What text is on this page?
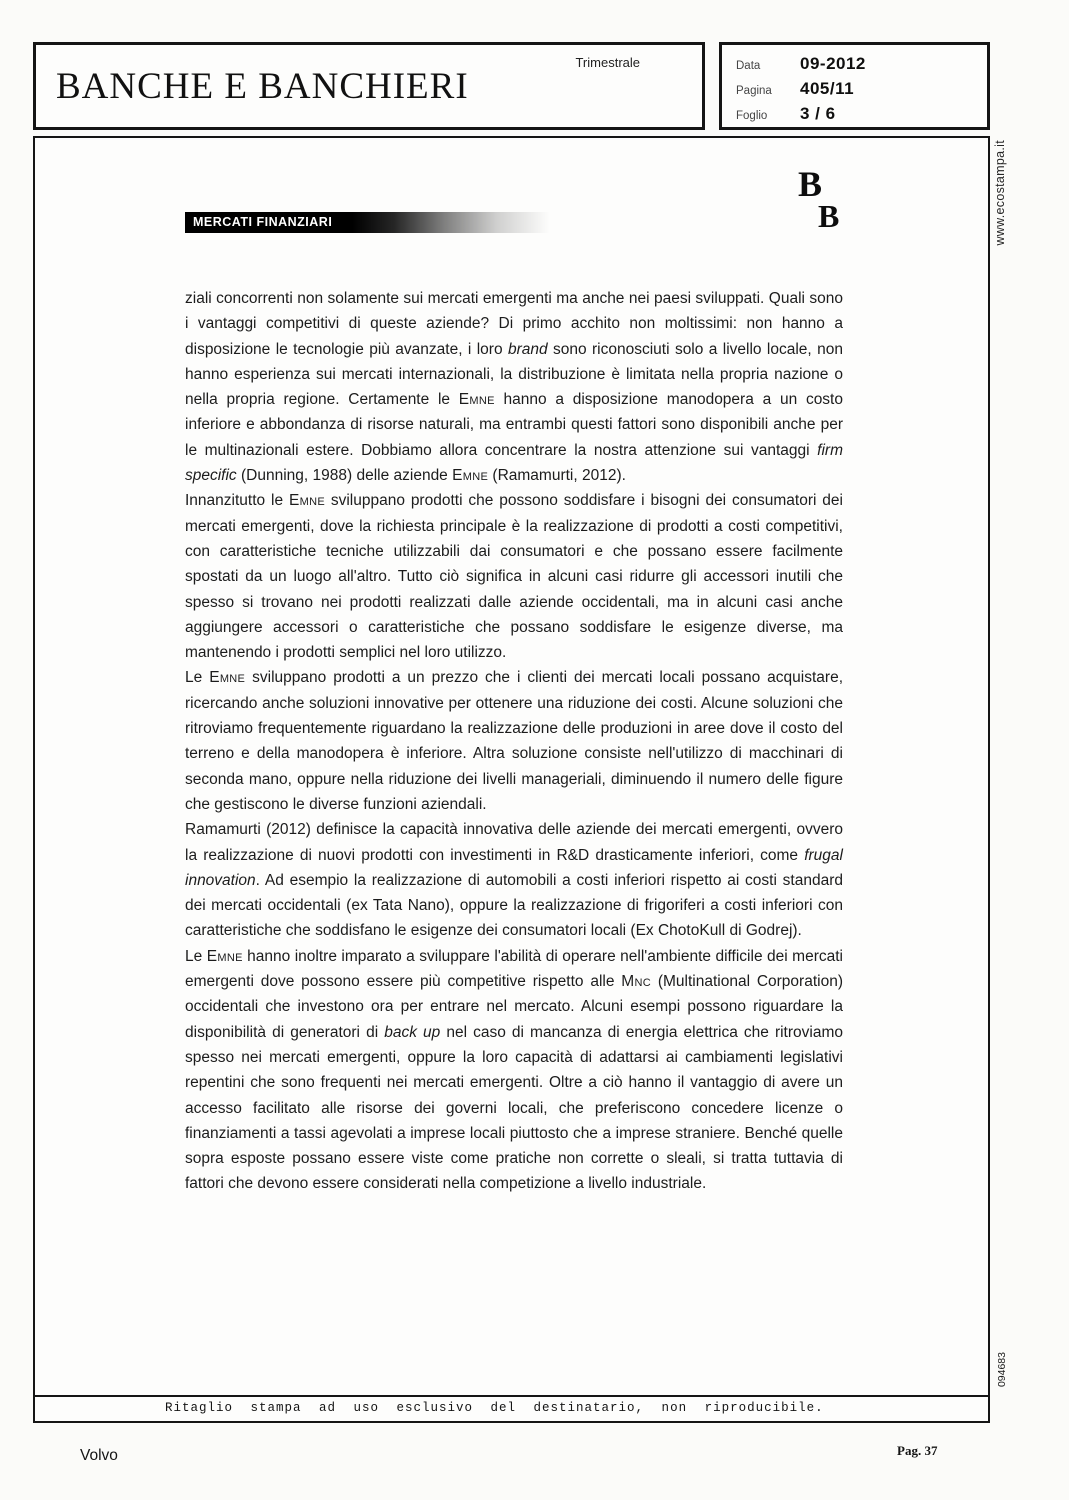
BANCHE E BANCHIERI
Trimestrale	Data	09-2012
Pagina	405/11
Foglio	3 / 6
B
B
MERCATI FINANZIARI

ziali concorrenti non solamente sui mercati emergenti ma anche nei paesi sviluppati. Quali sono i vantaggi competitivi di queste aziende? Di primo acchito non moltissimi: non hanno a disposizione le tecnologie più avanzate, i loro brand sono riconosciuti solo a livello locale, non hanno esperienza sui mercati internazionali, la distribuzione è limitata nella propria nazione o nella propria regione. Certamente le Emne hanno a disposizione manodopera a un costo inferiore e abbondanza di risorse naturali, ma entrambi questi fattori sono disponibili anche per le multinazionali estere. Dobbiamo allora concentrare la nostra attenzione sui vantaggi firm specific (Dunning, 1988) delle aziende Emne (Ramamurti, 2012).

Innanzitutto le Emne sviluppano prodotti che possono soddisfare i bisogni dei consumatori dei mercati emergenti, dove la richiesta principale è la realizzazione di prodotti a costi competitivi, con caratteristiche tecniche utilizzabili dai consumatori e che possano essere facilmente spostati da un luogo all'altro. Tutto ciò significa in alcuni casi ridurre gli accessori inutili che spesso si trovano nei prodotti realizzati dalle aziende occidentali, ma in alcuni casi anche aggiungere accessori o caratteristiche che possano soddisfare le esigenze diverse, ma mantenendo i prodotti semplici nel loro utilizzo.

Le Emne sviluppano prodotti a un prezzo che i clienti dei mercati locali possano acquistare, ricercando anche soluzioni innovative per ottenere una riduzione dei costi. Alcune soluzioni che ritroviamo frequentemente riguardano la realizzazione delle produzioni in aree dove il costo del terreno e della manodopera è inferiore. Altra soluzione consiste nell'utilizzo di macchinari di seconda mano, oppure nella riduzione dei livelli manageriali, diminuendo il numero delle figure che gestiscono le diverse funzioni aziendali.

Ramamurti (2012) definisce la capacità innovativa delle aziende dei mercati emergenti, ovvero la realizzazione di nuovi prodotti con investimenti in R&D drasticamente inferiori, come frugal innovation. Ad esempio la realizzazione di automobili a costi inferiori rispetto ai costi standard dei mercati occidentali (ex Tata Nano), oppure la realizzazione di frigoriferi a costi inferiori con caratteristiche che soddisfano le esigenze dei consumatori locali (Ex ChotoKull di Godrej).

Le Emne hanno inoltre imparato a sviluppare l'abilità di operare nell'ambiente difficile dei mercati emergenti dove possono essere più competitive rispetto alle Mnc (Multinational Corporation) occidentali che investono ora per entrare nel mercato. Alcuni esempi possono riguardare la disponibilità di generatori di back up nel caso di mancanza di energia elettrica che ritroviamo spesso nei mercati emergenti, oppure la loro capacità di adattarsi ai cambiamenti legislativi repentini che sono frequenti nei mercati emergenti. Oltre a ciò hanno il vantaggio di avere un accesso facilitato alle risorse dei governi locali, che preferiscono concedere licenze o finanziamenti a tassi agevolati a imprese locali piuttosto che a imprese straniere. Benché quelle sopra esposte possano essere viste come pratiche non corrette o sleali, si tratta tuttavia di fattori che devono essere considerati nella competizione a livello industriale.

Ritaglio stampa ad uso esclusivo del destinatario, non riproducibile.
Volvo	Pag. 37
www.ecostampa.it
094683
